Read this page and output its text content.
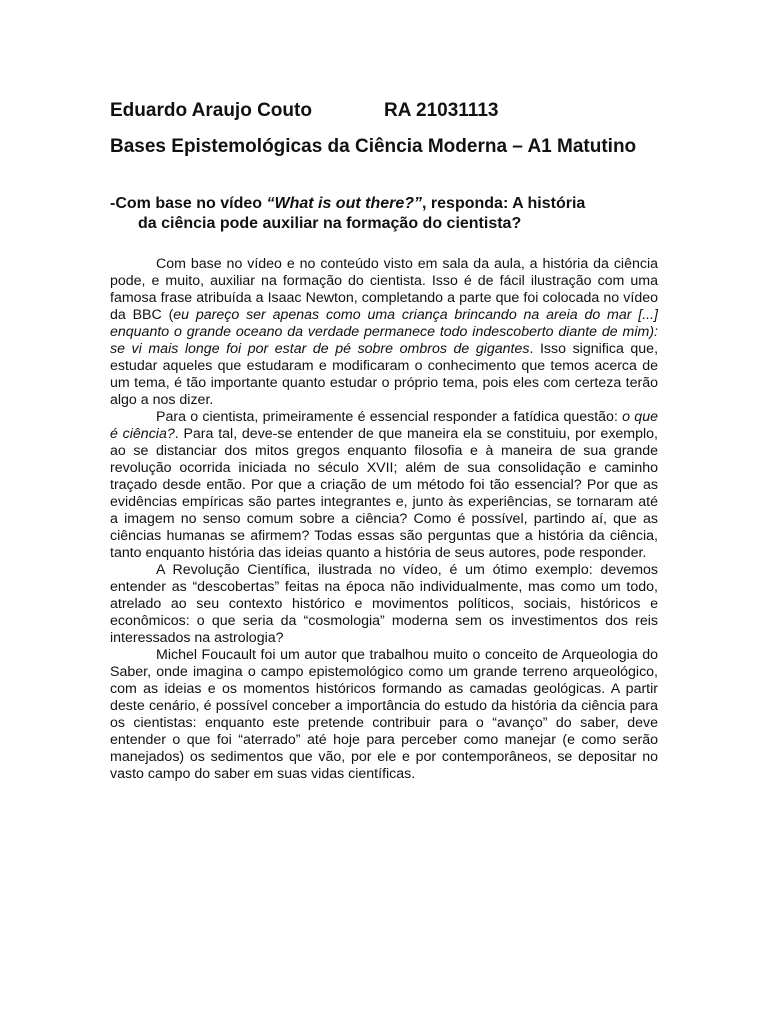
Eduardo Araujo Couto	RA 21031113
Bases Epistemológicas da Ciência Moderna – A1 Matutino
-Com base no vídeo “What is out there?”, responda: A história
da ciência pode auxiliar na formação do cientista?

Com base no vídeo e no conteúdo visto em sala da aula, a história da ciência pode, e muito, auxiliar na formação do cientista. Isso é de fácil ilustração com uma famosa frase atribuída a Isaac Newton, completando a parte que foi colocada no vídeo da BBC (eu pareço ser apenas como uma criança brincando na areia do mar [...] enquanto o grande oceano da verdade permanece todo indescoberto diante de mim): se vi mais longe foi por estar de pé sobre ombros de gigantes. Isso significa que, estudar aqueles que estudaram e modificaram o conhecimento que temos acerca de um tema, é tão importante quanto estudar o próprio tema, pois eles com certeza terão algo a nos dizer.

Para o cientista, primeiramente é essencial responder a fatídica questão: o que é ciência?. Para tal, deve-se entender de que maneira ela se constituiu, por exemplo, ao se distanciar dos mitos gregos enquanto filosofia e à maneira de sua grande revolução ocorrida iniciada no século XVII; além de sua consolidação e caminho traçado desde então. Por que a criação de um método foi tão essencial? Por que as evidências empíricas são partes integrantes e, junto às experiências, se tornaram até a imagem no senso comum sobre a ciência? Como é possível, partindo aí, que as ciências humanas se afirmem? Todas essas são perguntas que a história da ciência, tanto enquanto história das ideias quanto a história de seus autores, pode responder.

A Revolução Científica, ilustrada no vídeo, é um ótimo exemplo: devemos entender as “descobertas” feitas na época não individualmente, mas como um todo, atrelado ao seu contexto histórico e movimentos políticos, sociais, históricos e econômicos: o que seria da “cosmologia” moderna sem os investimentos dos reis interessados na astrologia?

Michel Foucault foi um autor que trabalhou muito o conceito de Arqueologia do Saber, onde imagina o campo epistemológico como um grande terreno arqueológico, com as ideias e os momentos históricos formando as camadas geológicas. A partir deste cenário, é possível conceber a importância do estudo da história da ciência para os cientistas: enquanto este pretende contribuir para o “avanço” do saber, deve entender o que foi “aterrado” até hoje para perceber como manejar (e como serão manejados) os sedimentos que vão, por ele e por contemporâneos, se depositar no vasto campo do saber em suas vidas científicas.
